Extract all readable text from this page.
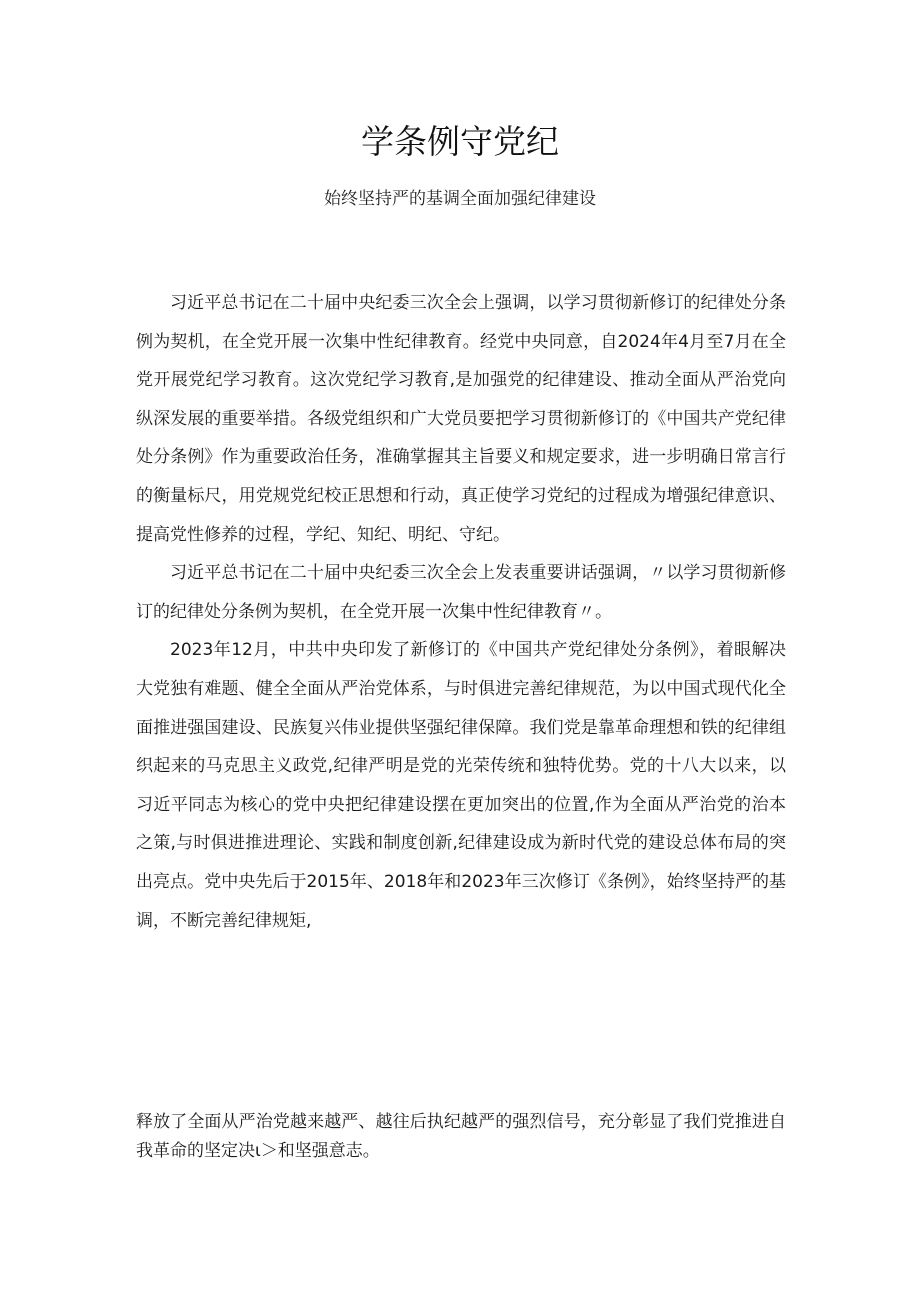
学条例守党纪
始终坚持严的基调全面加强纪律建设

习近平总书记在二十届中央纪委三次全会上强调，以学习贯彻新修订的纪律处分条例为契机，在全党开展一次集中性纪律教育。经党中央同意，自2024年4月至7月在全党开展党纪学习教育。这次党纪学习教育,是加强党的纪律建设、推动全面从严治党向纵深发展的重要举措。各级党组织和广大党员要把学习贯彻新修订的《中国共产党纪律处分条例》作为重要政治任务，准确掌握其主旨要义和规定要求，进一步明确日常言行的衡量标尺，用党规党纪校正思想和行动，真正使学习党纪的过程成为增强纪律意识、提高党性修养的过程，学纪、知纪、明纪、守纪。

习近平总书记在二十届中央纪委三次全会上发表重要讲话强调，〃以学习贯彻新修订的纪律处分条例为契机，在全党开展一次集中性纪律教育〃。

2023年12月，中共中央印发了新修订的《中国共产党纪律处分条例》，着眼解决大党独有难题、健全全面从严治党体系，与时俱进完善纪律规范，为以中国式现代化全面推进强国建设、民族复兴伟业提供坚强纪律保障。我们党是靠革命理想和铁的纪律组织起来的马克思主义政党,纪律严明是党的光荣传统和独特优势。党的十八大以来，以习近平同志为核心的党中央把纪律建设摆在更加突出的位置,作为全面从严治党的治本之策,与时俱进推进理论、实践和制度创新,纪律建设成为新时代党的建设总体布局的突出亮点。党中央先后于2015年、2018年和2023年三次修订《条例》，始终坚持严的基调，不断完善纪律规矩,

释放了全面从严治党越来越严、越往后执纪越严的强烈信号，充分彰显了我们党推进自我革命的坚定决ι＞和坚强意志。
